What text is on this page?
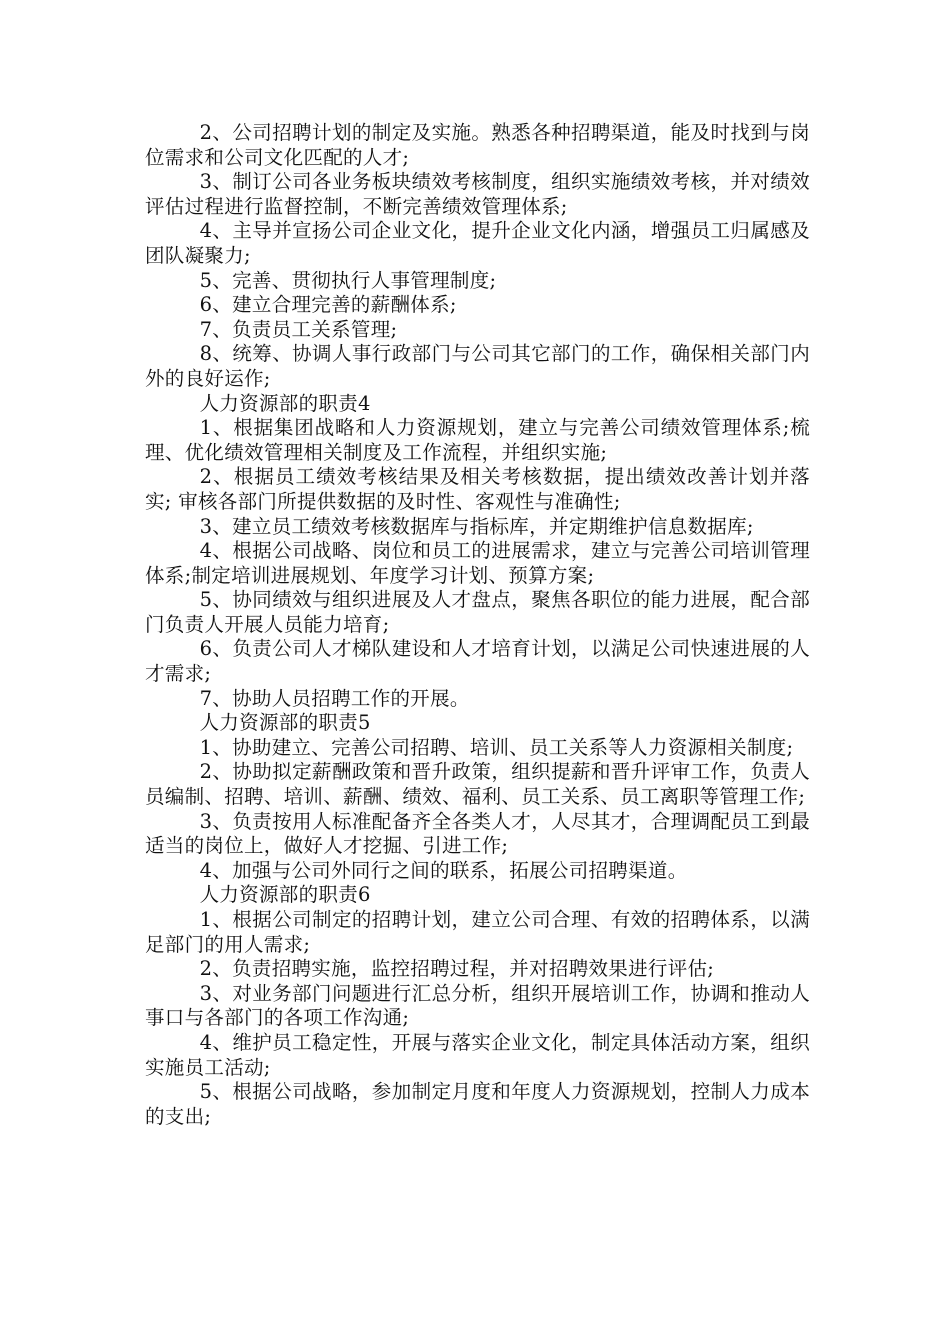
2、公司招聘计划的制定及实施。熟悉各种招聘渠道，能及时找到与岗位需求和公司文化匹配的人才;

3、制订公司各业务板块绩效考核制度，组织实施绩效考核，并对绩效评估过程进行监督控制，不断完善绩效管理体系;

4、主导并宣扬公司企业文化，提升企业文化内涵，增强员工归属感及团队凝聚力;

5、完善、贯彻执行人事管理制度;

6、建立合理完善的薪酬体系;

7、负责员工关系管理;

8、统筹、协调人事行政部门与公司其它部门的工作，确保相关部门内外的良好运作;

人力资源部的职责4

1、根据集团战略和人力资源规划，建立与完善公司绩效管理体系;梳理、优化绩效管理相关制度及工作流程，并组织实施;

2、根据员工绩效考核结果及相关考核数据，提出绩效改善计划并落实; 审核各部门所提供数据的及时性、客观性与准确性;

3、建立员工绩效考核数据库与指标库，并定期维护信息数据库;

4、根据公司战略、岗位和员工的进展需求，建立与完善公司培训管理体系;制定培训进展规划、年度学习计划、预算方案;

5、协同绩效与组织进展及人才盘点，聚焦各职位的能力进展，配合部门负责人开展人员能力培育;

6、负责公司人才梯队建设和人才培育计划，以满足公司快速进展的人才需求;

7、协助人员招聘工作的开展。

人力资源部的职责5

1、协助建立、完善公司招聘、培训、员工关系等人力资源相关制度;

2、协助拟定薪酬政策和晋升政策，组织提薪和晋升评审工作，负责人员编制、招聘、培训、薪酬、绩效、福利、员工关系、员工离职等管理工作;

3、负责按用人标准配备齐全各类人才，人尽其才，合理调配员工到最适当的岗位上，做好人才挖掘、引进工作;

4、加强与公司外同行之间的联系，拓展公司招聘渠道。

人力资源部的职责6

1、根据公司制定的招聘计划，建立公司合理、有效的招聘体系，以满足部门的用人需求;

2、负责招聘实施，监控招聘过程，并对招聘效果进行评估;

3、对业务部门问题进行汇总分析，组织开展培训工作，协调和推动人事口与各部门的各项工作沟通;

4、维护员工稳定性，开展与落实企业文化，制定具体活动方案，组织实施员工活动;

5、根据公司战略，参加制定月度和年度人力资源规划，控制人力成本的支出;
